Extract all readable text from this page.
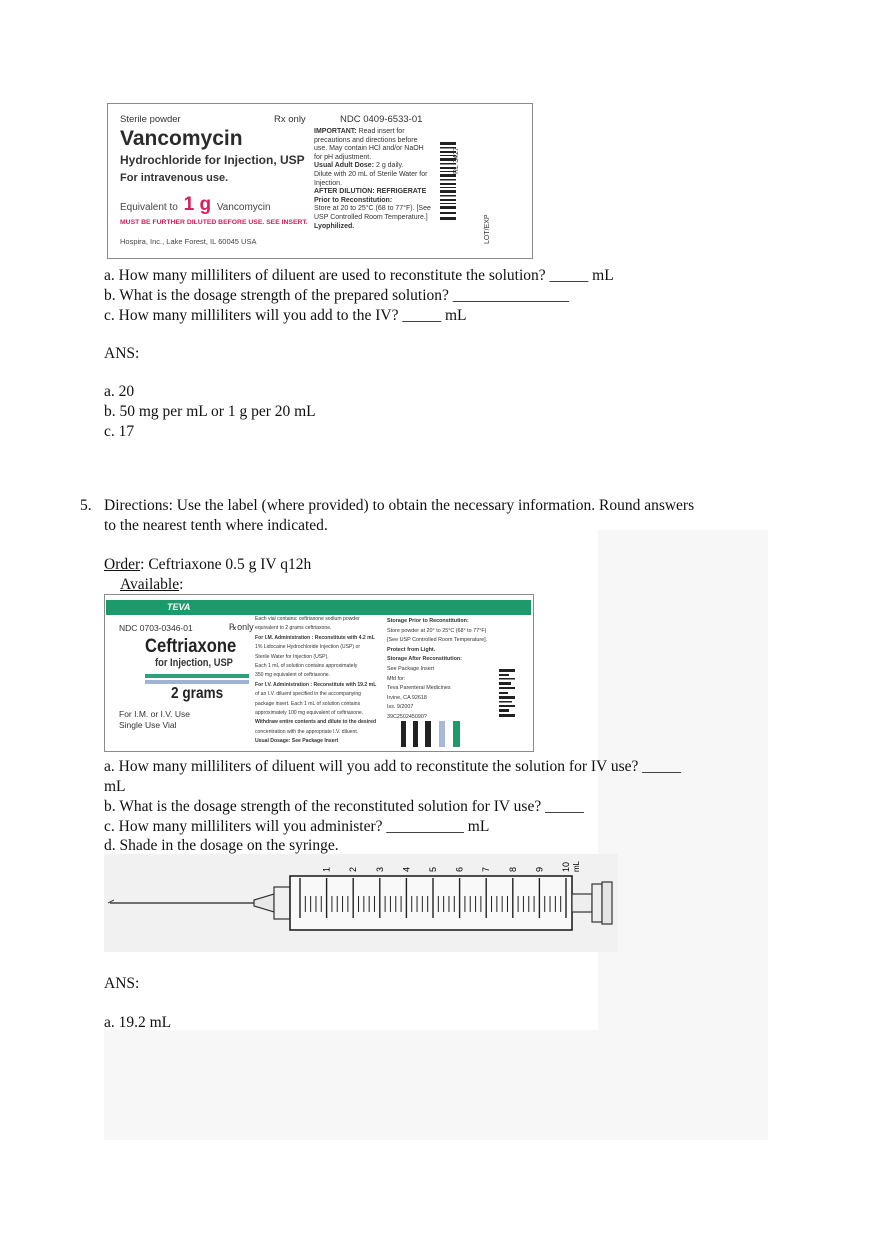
Sterile powder	Rx only	NDC 0409-6533-01
Vancomycin
Hydrochloride for Injection, USP
For intravenous use.
Equivalent to 1 g Vancomycin
MUST BE FURTHER DILUTED BEFORE USE. SEE INSERT.
Hospira, Inc., Lake Forest, IL 60045 USA
IMPORTANT: Read insert for precautions and directions before use. May contain HCl and/or NaOH for pH adjustment.
Usual Adult Dose: 2 g daily.
Dilute with 20 mL of Sterile Water for Injection.
AFTER DILUTION: REFRIGERATE
Prior to Reconstitution:
Store at 20 to 25°C (68 to 77°F). [See USP Controlled Room Temperature.]
Lyophilized.
RL-3427
LOT/EXP
a. How many milliliters of diluent are used to reconstitute the solution? _____ mL
b. What is the dosage strength of the prepared solution? _______________
c. How many milliliters will you add to the IV? _____ mL
ANS:
a. 20
b. 50 mg per mL or 1 g per 20 mL
c. 17
5. Directions: Use the label (where provided) to obtain the necessary information. Round answers
to the nearest tenth where indicated.
Order: Ceftriaxone 0.5 g IV q12h
Available:
TEVA
NDC 0703-0346-01	℞only
Ceftriaxone
for Injection, USP
2 grams
For I.M. or I.V. Use
Single Use Vial
Each vial contains: ceftriaxone sodium powder
equivalent to 2 grams ceftriaxone.
For I.M. Administration : Reconstitute with 4.2 mL
1% Lidocaine Hydrochloride Injection (USP) or
Sterile Water for Injection (USP).
Each 1 mL of solution contains approximately
350 mg equivalent of ceftriaxone.
For I.V. Administration : Reconstitute with 19.2 mL
of an I.V. diluent specified in the accompanying
package insert. Each 1 mL of solution contains
approximately 100 mg equivalent of ceftriaxone.
Withdraw entire contents and dilute to the desired
concentration with the appropriate I.V. diluent.
Usual Dosage: See Package Insert
Storage Prior to Reconstitution:
Store powder at 20° to 25°C (68° to 77°F)
[See USP Controlled Room Temperature].
Protect from Light.
Storage After Reconstitution:
See Package Insert
Mfd for:
Teva Parenteral Medicines
Irvine, CA 92618
Iss. 9/2007
39C250245090?
a. How many milliliters of diluent will you add to reconstitute the solution for IV use? _____
mL
b. What is the dosage strength of the reconstituted solution for IV use? _____
c. How many milliliters will you administer? __________ mL
d. Shade in the dosage on the syringe.
1 2 3 4 5 6 7 8 9 10 mL
ANS:
a. 19.2 mL
